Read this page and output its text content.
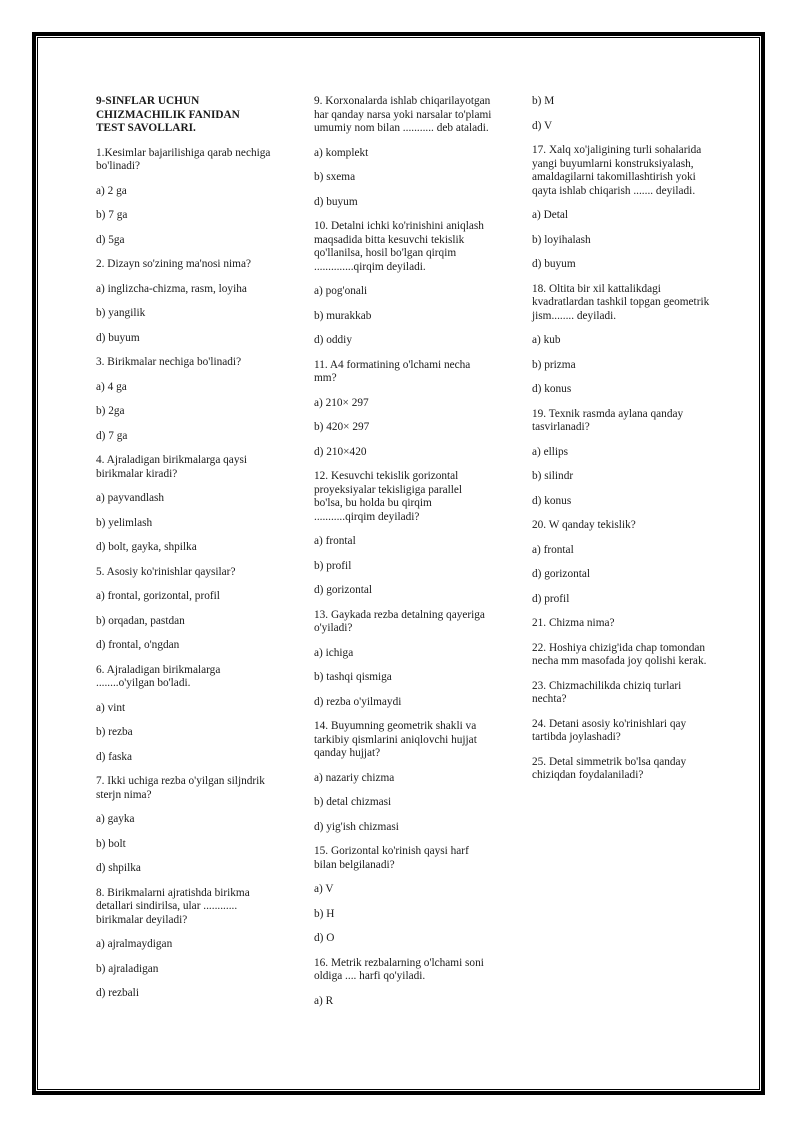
9-SINFLAR UCHUN
CHIZMACHILIK FANIDAN
TEST SAVOLLARI.
1.Kesimlar bajarilishiga qarab nechiga bo'linadi?
a) 2 ga
b) 7 ga
d) 5ga
2. Dizayn so'zining ma'nosi nima?
a) inglizcha-chizma, rasm, loyiha
b) yangilik
d) buyum
3. Birikmalar nechiga bo'linadi?
a) 4 ga
b) 2ga
d) 7 ga
4. Ajraladigan birikmalarga qaysi birikmalar kiradi?
a) payvandlash
b) yelimlash
d) bolt, gayka, shpilka
5. Asosiy ko'rinishlar qaysilar?
a) frontal, gorizontal, profil
b) orqadan, pastdan
d) frontal, o'ngdan
6. Ajraladigan birikmalarga ........o'yilgan bo'ladi.
a) vint
b) rezba
d) faska
7. Ikki uchiga rezba o'yilgan siljndrik sterjn nima?
a) gayka
b) bolt
d) shpilka
8. Birikmalarni ajratishda birikma detallari sindirilsa, ular ............ birikmalar deyiladi?
a) ajralmaydigan
b) ajraladigan
d) rezbali
9. Korxonalarda ishlab chiqarilayotgan har qanday narsa yoki narsalar to'plami umumiy nom bilan ........... deb ataladi.
a) komplekt
b) sxema
d) buyum
10. Detalni ichki ko'rinishini aniqlash maqsadida bitta kesuvchi tekislik qo'llanilsa, hosil bo'lgan qirqim ..............qirqim deyiladi.
a) pog'onali
b) murakkab
d) oddiy
11. A4 formatining o'lchami necha mm?
a) 210× 297
b) 420× 297
d) 210×420
12. Kesuvchi tekislik gorizontal proyeksiyalar tekisligiga parallel bo'lsa, bu holda bu qirqim ...........qirqim deyiladi?
a) frontal
b) profil
d) gorizontal
13. Gaykada rezba detalning qayeriga o'yiladi?
a) ichiga
b) tashqi qismiga
d) rezba o'yilmaydi
14. Buyumning geometrik shakli va tarkibiy qismlarini aniqlovchi hujjat qanday hujjat?
a) nazariy chizma
b) detal chizmasi
d) yig'ish chizmasi
15. Gorizontal ko'rinish qaysi harf bilan belgilanadi?
a) V
b) H
d) O
16. Metrik rezbalarning o'lchami soni oldiga .... harfi qo'yiladi.
a) R
b) M
d) V
17. Xalq xo'jaligining turli sohalarida yangi buyumlarni konstruksiyalash, amaldagilarni takomillashtirish yoki qayta ishlab chiqarish ....... deyiladi.
a) Detal
b) loyihalash
d) buyum
18. Oltita bir xil kattalikdagi kvadratlardan tashkil topgan geometrik jism........ deyiladi.
a) kub
b) prizma
d) konus
19. Texnik rasmda aylana qanday tasvirlanadi?
a) ellips
b) silindr
d) konus
20. W qanday tekislik?
a) frontal
d) gorizontal
d) profil
21. Chizma nima?
22. Hoshiya chizig'ida chap tomondan necha mm masofada joy qolishi kerak.
23. Chizmachilikda chiziq turlari nechta?
24. Detani asosiy ko'rinishlari qay tartibda joylashadi?
25. Detal simmetrik bo'lsa qanday chiziqdan foydalaniladi?
